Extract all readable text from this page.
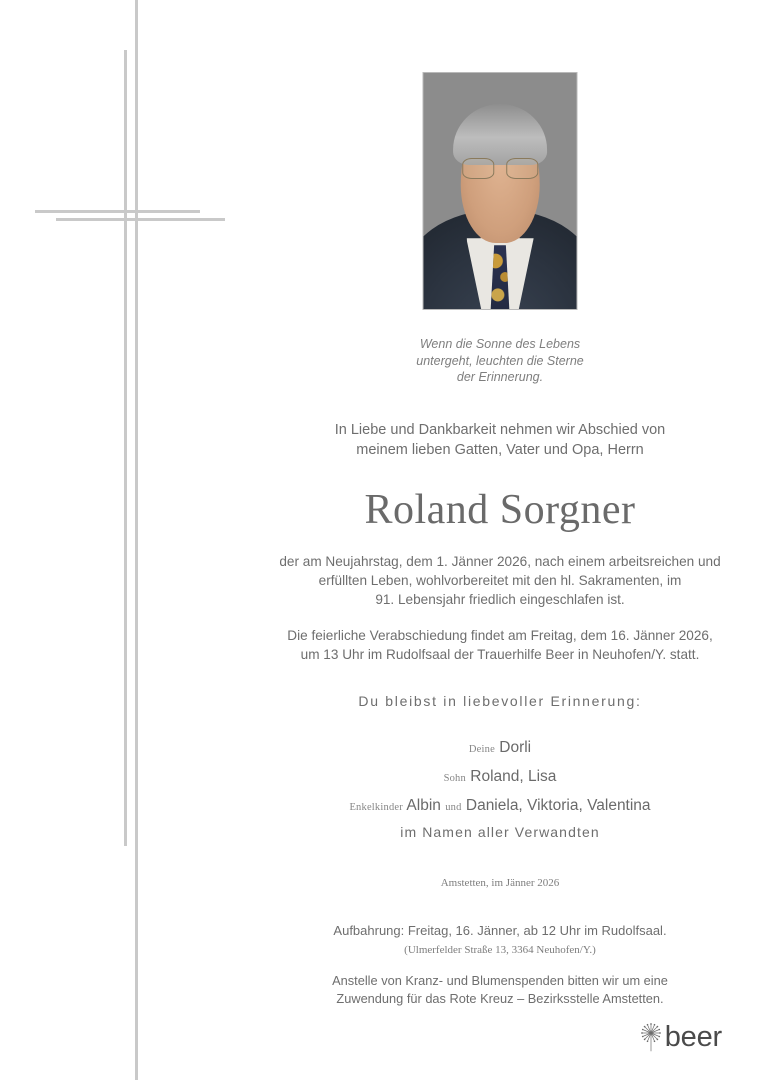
Wenn die Sonne des Lebens
untergeht, leuchten die Sterne
der Erinnerung.
In Liebe und Dankbarkeit nehmen wir Abschied von
meinem lieben Gatten, Vater und Opa, Herrn
Roland Sorgner
der am Neujahrstag, dem 1. Jänner 2026, nach einem arbeitsreichen und
erfüllten Leben, wohlvorbereitet mit den hl. Sakramenten, im
91. Lebensjahr friedlich eingeschlafen ist.
Die feierliche Verabschiedung findet am Freitag, dem 16. Jänner 2026,
um 13 Uhr im Rudolfsaal der Trauerhilfe Beer in Neuhofen/Y. statt.
Du bleibst in liebevoller Erinnerung:
Deine Dorli
Sohn Roland, Lisa
Enkelkinder Albin und Daniela, Viktoria, Valentina
im Namen aller Verwandten
Amstetten, im Jänner 2026
Aufbahrung: Freitag, 16. Jänner, ab 12 Uhr im Rudolfsaal.
(Ulmerfelder Straße 13, 3364 Neuhofen/Y.)
Anstelle von Kranz- und Blumenspenden bitten wir um eine
Zuwendung für das Rote Kreuz – Bezirksstelle Amstetten.
beer
